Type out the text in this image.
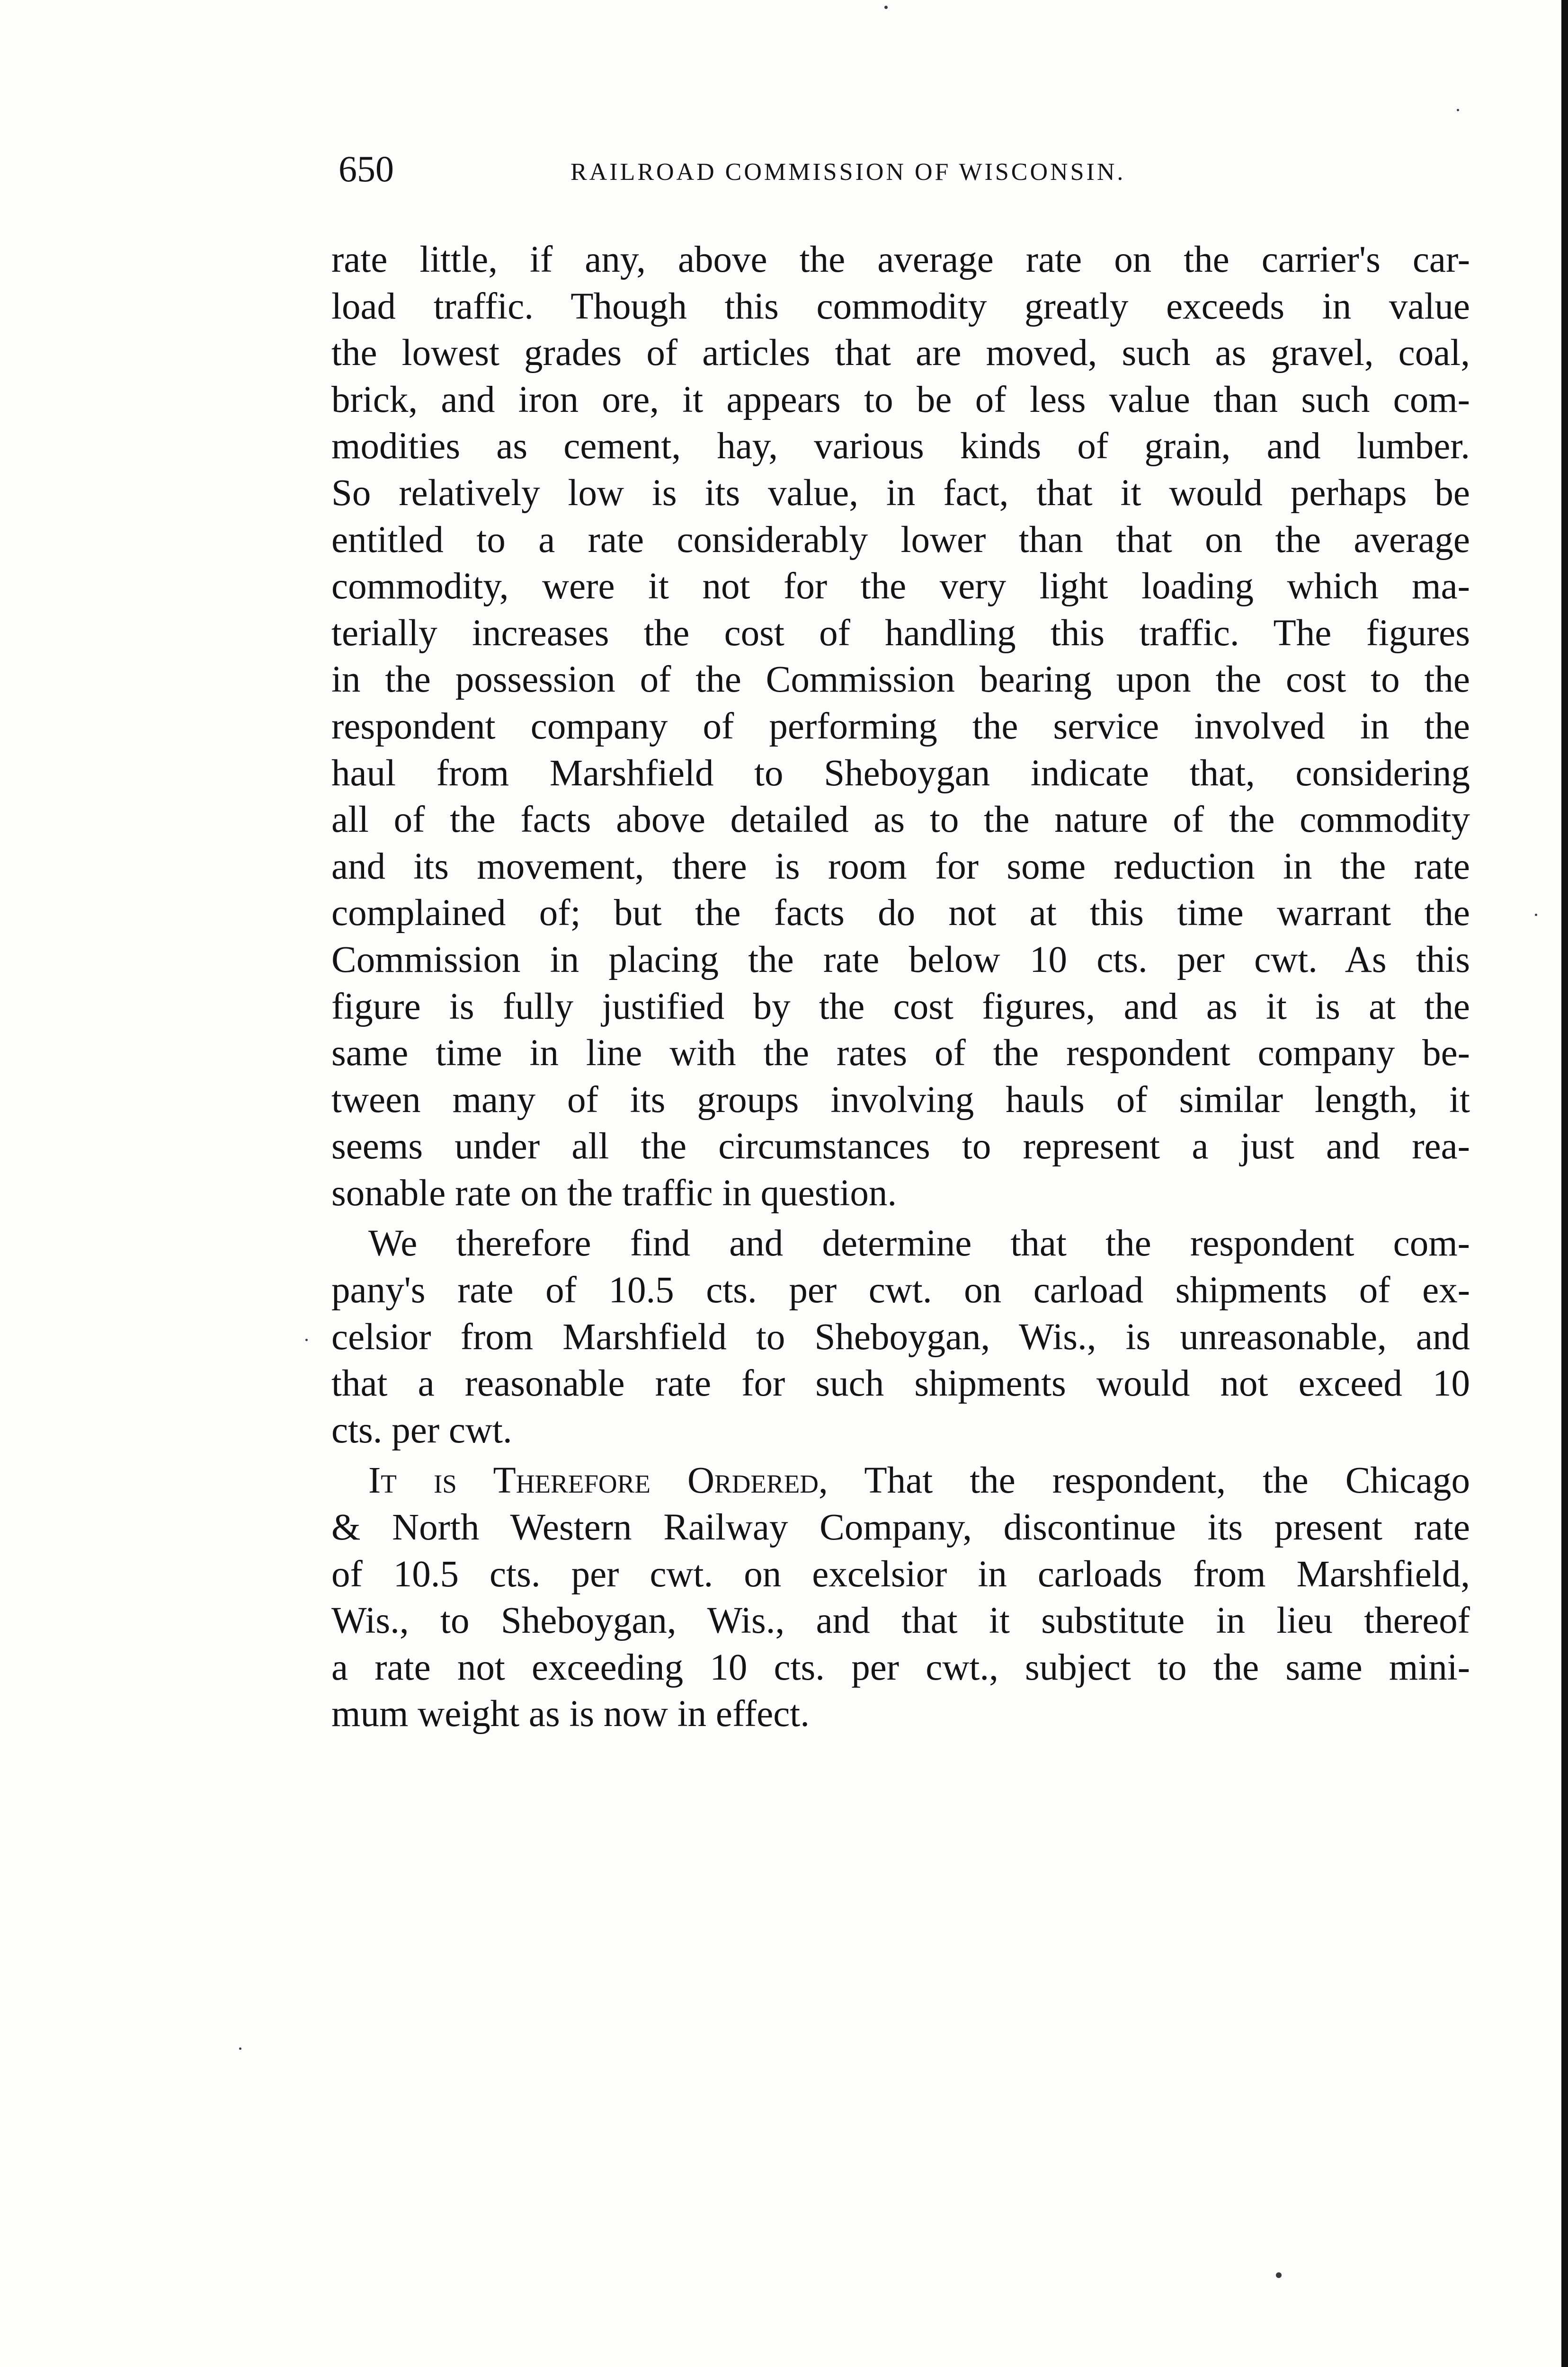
650	RAILROAD COMMISSION OF WISCONSIN.
rate little, if any, above the average rate on the carrier's car-
load traffic. Though this commodity greatly exceeds in value
the lowest grades of articles that are moved, such as gravel, coal,
brick, and iron ore, it appears to be of less value than such com-
modities as cement, hay, various kinds of grain, and lumber.
So relatively low is its value, in fact, that it would perhaps be
entitled to a rate considerably lower than that on the average
commodity, were it not for the very light loading which ma-
terially increases the cost of handling this traffic. The figures
in the possession of the Commission bearing upon the cost to the
respondent company of performing the service involved in the
haul from Marshfield to Sheboygan indicate that, considering
all of the facts above detailed as to the nature of the commodity
and its movement, there is room for some reduction in the rate
complained of; but the facts do not at this time warrant the
Commission in placing the rate below 10 cts. per cwt. As this
figure is fully justified by the cost figures, and as it is at the
same time in line with the rates of the respondent company be-
tween many of its groups involving hauls of similar length, it
seems under all the circumstances to represent a just and rea-
sonable rate on the traffic in question.
We therefore find and determine that the respondent com-
pany's rate of 10.5 cts. per cwt. on carload shipments of ex-
celsior from Marshfield to Sheboygan, Wis., is unreasonable, and
that a reasonable rate for such shipments would not exceed 10
cts. per cwt.
It is Therefore Ordered, That the respondent, the Chicago
& North Western Railway Company, discontinue its present rate
of 10.5 cts. per cwt. on excelsior in carloads from Marshfield,
Wis., to Sheboygan, Wis., and that it substitute in lieu thereof
a rate not exceeding 10 cts. per cwt., subject to the same mini-
mum weight as is now in effect.
